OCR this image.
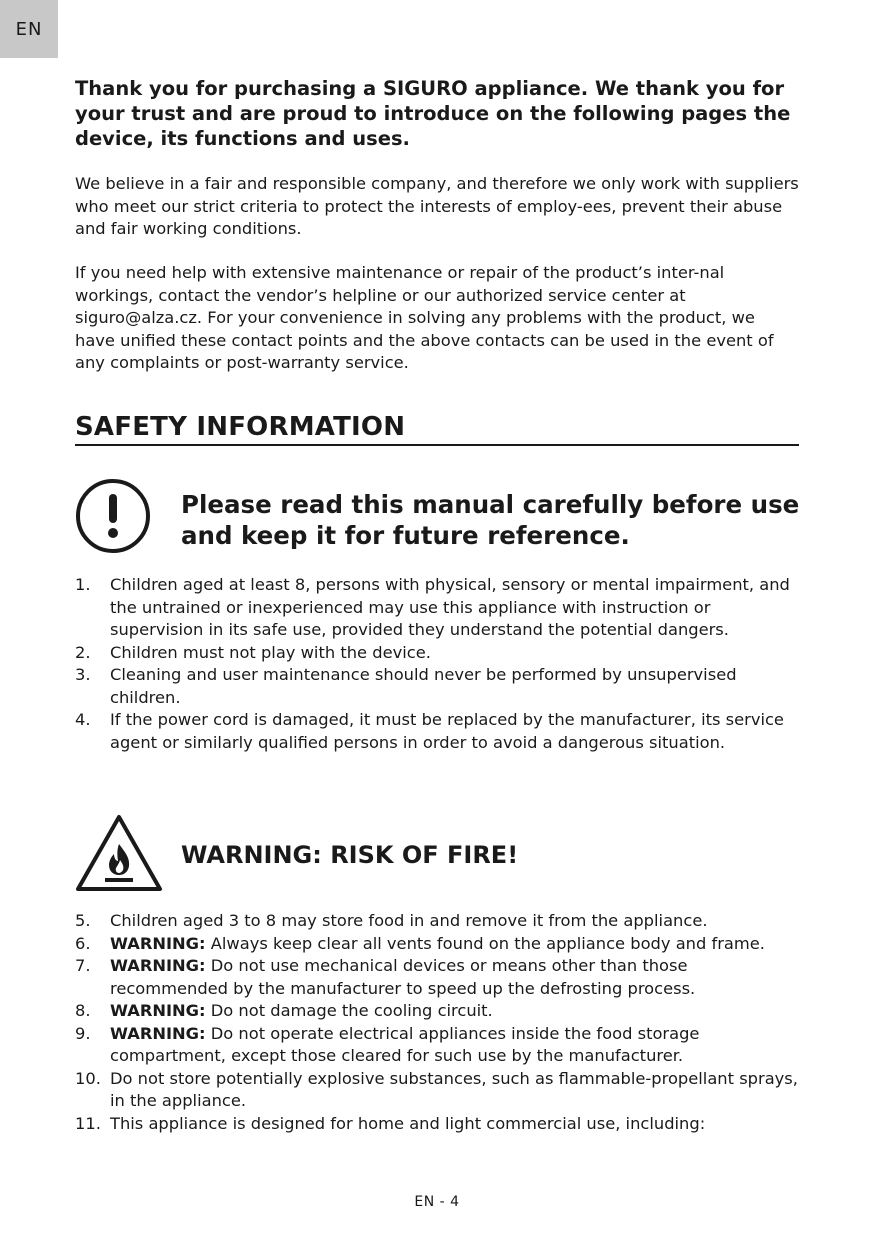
EN
Thank you for purchasing a SIGURO appliance. We thank you for your trust and are proud to introduce on the following pages the device, its functions and uses.
We believe in a fair and responsible company, and therefore we only work with suppliers who meet our strict criteria to protect the interests of employ-ees, prevent their abuse and fair working conditions.
If you need help with extensive maintenance or repair of the product’s inter-nal workings, contact the vendor’s helpline or our authorized service center at siguro@alza.cz. For your convenience in solving any problems with the product, we have unified these contact points and the above contacts can be used in the event of any complaints or post-warranty service.
SAFETY INFORMATION
Please read this manual carefully before use and keep it for future reference.
1.	Children aged at least 8, persons with physical, sensory or mental impairment, and the untrained or inexperienced may use this appliance with instruction or supervision in its safe use, provided they understand the potential dangers.
2.	Children must not play with the device.
3.	Cleaning and user maintenance should never be performed by unsupervised children.
4.	If the power cord is damaged, it must be replaced by the manufacturer, its service agent or similarly qualified persons in order to avoid a dangerous situation.
WARNING: RISK OF FIRE!
5.	Children aged 3 to 8 may store food in and remove it from the appliance.
6.	WARNING: Always keep clear all vents found on the appliance body and frame.
7.	WARNING: Do not use mechanical devices or means other than those recommended by the manufacturer to speed up the defrosting process.
8.	WARNING: Do not damage the cooling circuit.
9.	WARNING: Do not operate electrical appliances inside the food storage compartment, except those cleared for such use by the manufacturer.
10. Do not store potentially explosive substances, such as flammable-propellant sprays, in the appliance.
11. This appliance is designed for home and light commercial use, including:
EN - 4
